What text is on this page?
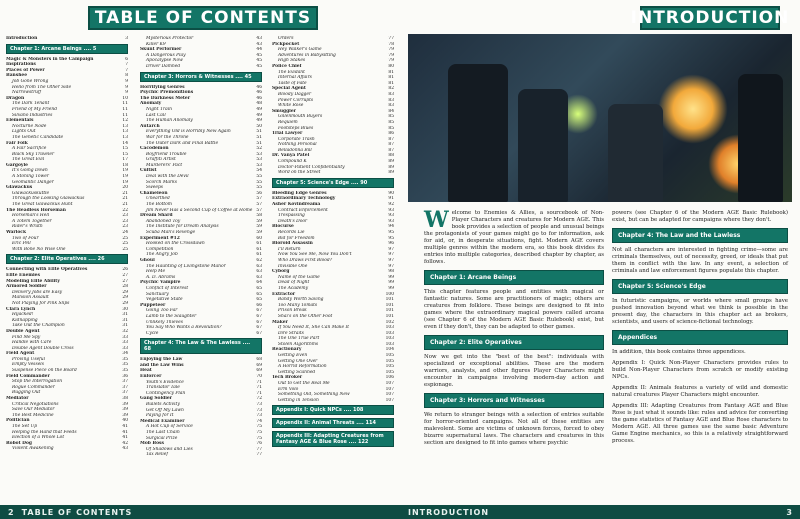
TABLE OF CONTENTS
Introduction	3
Chapter 1: Arcane Beings .... 5
Magic & Monsters in the Campaign	6
Inspirations	7
Places of Power	7
Banshee	8
Job Gone Wrong	9
Hello from The Other Side	9
Narrowstruff	9
Dragon	10
The Dark Tenant	11
Friend of My Friend	11
Silvano Industries	11
Elementals	12
Nocturne Node	13
Lights Out	13
The Genetic Candidate	13
Fair Folk	14
A Fair Sacrifice	15
Black Sky Traveler	15
The Great Evil	17
Gargoyle	18
It's Going Down	19
A Stoning Tower	19
Geomantic Danger	19
Glawackus	20
Glawackuskuttle	21
Through the Looking Glawackus	21
The Great Glawackus Hunt	21
The Headless Horseman	22
Horseman's Hell	23
A Totem Together	23
Rider's Wrath	23
Warlock	24
Two of Four	25
Eric Pell	25
With Bone No Wise One	25
Chapter 2: Elite Operatives .... 26
Connecting with Elite Operatives	26
Elite Enemies	27
Modeling Elite Ability	27
Armored Soldier	28
Delivery Jobs are Easy	29
Mansion Assault	29
Not Playing for Pink Slips	29
Clara Lynch	30
Hijacked!	31
Kidnapping	31
Take Out the Champion	31
Double Agent	32
Find Me Spy	33
Handle with Care	33
Double Agent Double Cross	33
Field Agent	34
Proving Useful	35
Empty Vessels	35
Suspense Piece on the Board	35
Field Commander	36
Stop the Interrogation	37
Rogue Commander	37
Bugging Out	37
Mediator	38
Critical Negotiations	39
Save Our Mediator	39
The Best Medicine	39
Politician	40
The Set Up	41
Helping the Hand that Feeds	41
Election of a Whole Lot	41
Robot Dog	42
Violent Awakening	43
Mysterious Protector	43
Killer K9	43
Skunt Performer	44
A Dangerous Play	45
Apocalypse Now	45
Driver Damned	45
Chapter 3: Horrors & Witnesses .... 45
Horrifying Genres	46
Psychic Premonitions	46
The Darkness Meter	46
Anomaly	48
Night Train	49
Last Call	49
The Human Anomaly	49
Autarch	50
Everything Old is Horribly New Again	51
War for the Throne	51
The Outer Dark and Final Battle	51
Cacodemon	52
Boyfriend Trouble	53
Graffiti Artist	53
Murderers' Pact	53
Cultist	54
Deal with the Devil	55
Scorch Marks	55
Sweeps	55
Chameleon	56
Unearthed	57
The Bottom	57
Jim Never Has a Second Cup of Coffee at Home 57
Dream Shard	58
Abandoned Toy	59
The Institute for Dream Analysis	59
Scuba Man's Revenge	59
Experiment #12	60
Hooked on the Crossdawn	61
Competition	61
The Angry Job	61
Ghoul	62
The Haunting of Livingstone Manor	63
Help Me	63
A. D. Abrams	63
Psychic Vampire	64
Conflict of Interest	65
Sanctuary	65
Vegetative State	65
Puppeteer	66
Going Too Far	67
Lamb to the Slaughter	67
Unlikely Thieves	67
You Say Who Wants a Revolution?	67
Cycle	67
Chapter 4: The Law & The Lawless .... 68
Enjoying the Law	68
and the Law Wins	69
Heat	69
Enforcer	70
Youth's Evidence	71
Translator Tale	71
Contingency Plan	71
Gang Soldier	72
Bullets Activity	73
Get Off My Lawn	73
Paying for It	73
Medical Examiner	74
A Hot Cup of Service	75
The Last Chain	75
Surgical Prize	75
Mob Boss	76
Of Shadows and Lies	77
Tax Relief	77
Orders	77
Pickpocket	78
Hey Walker's Game	79
Adventures in Babysitting	79
High Stakes	79
Police Chief	80
The Evidant	81
Internal Affairs	81
Taste of Fate	81
Special Agent	82
Bloody Dagger	83
Power Corrupts	83
White Rose	83
Smuggler	84
Gillenmouth Buyers	85
Requiem	85
Footsteps Blues	85
Trial Lawyer	86
Corporate Trash	87
Nothing Personal	87
Belladonna Bill	87
Dr. Vanya Patel	88
Compound K	89
Doctor-Patient Confidentiality	89
Word on the Street	89
Chapter 5: Science's Edge .... 90
Bleeding Edge Genres	90
Extraordinary Technology	91
Asher Kovindreama	92
Contract Enforcement	93
Trespassing	93
Death's Door	93
Biocurse	94
Records Lie	95
Bid for Freedom	95
Bioroid Assassin	96
I'll Return	97
Now You See Me, Now You Don't	97
Who Draws First Blood?	97
Invisible One	97
Cyborg	98
Name of the Game	99
Dead of Night	99
The Academy	99
Extractor	100
Bandy Worth Saving	101
Too Many Tomats	101
Prison Break	101
Shai's on the Other Foot	101
Maker	102
If You Need It, She Can Make It	103
Dire Straits	103
The One True Part	103
Stolen Algorithms	103
Reactionary	104
Getting Even	105
Getting One Over	105
A Horrid Reformation	105
Getting Scanned	105
Tech Broker	106
Out to Get the Real Me	107
Erm Volo	107
Something Old, Something New	107
Getting in Tension	107
Appendix I: Quick NPCs .... 108
Appendix II: Animal Threats .... 114
Appendix III: Adapting Creatures from Fantasy AGE & Blue Rose .... 122
2	TABLE OF CONTENTS
INTRODUCTION

Welcome to Enemies & Allies, a sourcebook of Non-Player Characters and creatures for Modern AGE. This book provides a selection of people and unusual beings the protagonists of your games might go to for information, ask for aid, or, in desperate situations, fight. Modern AGE covers multiple genres within the modern era, so this book divides its entries into multiple categories, described chapter by chapter, as follows.

Chapter 1: Arcane Beings

This chapter features people and entities with magical or fantastic natures. Some are practitioners of magic; others are creatures from folklore. These beings are designed to fit into games where the extraordinary magical powers called arcana (see Chapter 6 of the Modern AGE Basic Rulebook) exist, but even if they don't, they can be adapted to other games.

Chapter 2: Elite Operatives

Now we get into the "best of the best": individuals with specialized or exceptional abilities. These are the modern warriors, analysts, and other figures Player Characters might encounter in campaigns involving modern-day action and espionage.

Chapter 3: Horrors and Witnesses

We return to stranger beings with a selection of entries suitable for horror-oriented campaigns. Not all of these entities are malevolent. Some are victims of unknown forces, forced to obey bizarre supernatural laws. The characters and creatures in this section are designed to fit into games where psychic

powers (see Chapter 6 of the Modern AGE Basic Rulebook) exist, but can be adapted for campaigns where they don't.

Chapter 4: The Law and the Lawless

Not all characters are interested in fighting crime—some are criminals themselves, out of necessity, greed, or ideals that put them in conflict with the law. In any event, a selection of criminals and law enforcement figures populate this chapter.

Chapter 5: Science's Edge

In futuristic campaigns, or worlds where small groups have pushed innovation beyond what we think is possible in the present day, the characters in this chapter act as brokers, scientists, and users of science-fictional technology.

Appendices

In addition, this book contains three appendices.

Appendix I: Quick Non-Player Characters provides rules to build Non-Player Characters from scratch or modify existing NPCs.

Appendix II: Animals features a variety of wild and domestic natural creatures Player Characters might encounter.

Appendix III: Adapting Creatures from Fantasy AGE and Blue Rose is just what it sounds like: rules and advice for converting the game statistics of Fantasy AGE and Blue Rose characters to Modern AGE. All three games use the same basic Adventure Game Engine mechanics, so this is a relatively straightforward process.

INTRODUCTION	3
